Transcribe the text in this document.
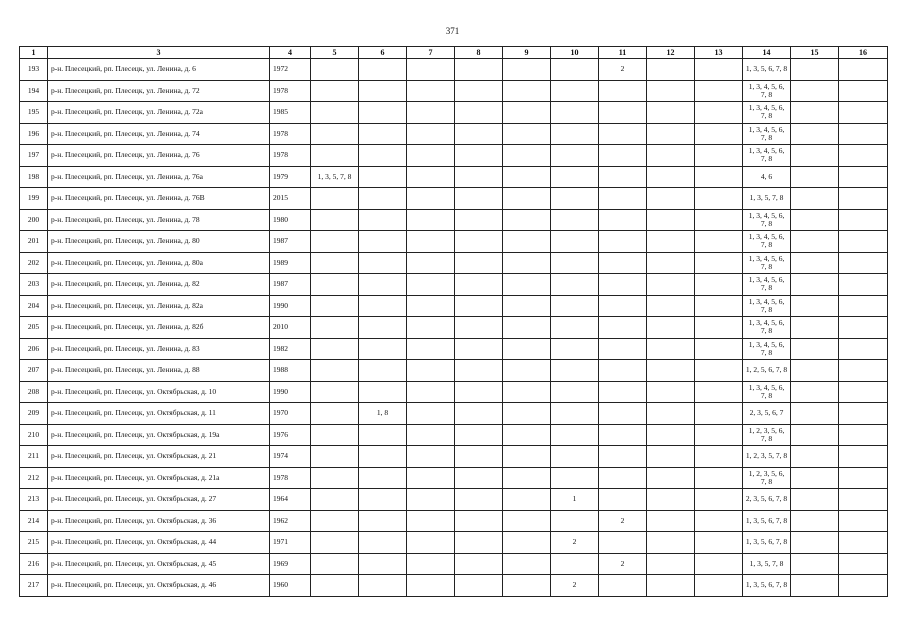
371
1	3	4	5	6	7	8	9	10	11	12	13	14	15	16
193	р-н. Плесецкий, рп. Плесецк, ул. Ленина, д. 6	1972							2			1, 3, 5, 6, 7, 8		
194	р-н. Плесецкий, рп. Плесецк, ул. Ленина, д. 72	1978										1, 3, 4, 5, 6, 7, 8		
195	р-н. Плесецкий, рп. Плесецк, ул. Ленина, д. 72а	1985										1, 3, 4, 5, 6, 7, 8		
196	р-н. Плесецкий, рп. Плесецк, ул. Ленина, д. 74	1978										1, 3, 4, 5, 6, 7, 8		
197	р-н. Плесецкий, рп. Плесецк, ул. Ленина, д. 76	1978										1, 3, 4, 5, 6, 7, 8		
198	р-н. Плесецкий, рп. Плесецк, ул. Ленина, д. 76а	1979	1, 3, 5, 7, 8									4, 6		
199	р-н. Плесецкий, рп. Плесецк, ул. Ленина, д. 76В	2015										1, 3, 5, 7, 8		
200	р-н. Плесецкий, рп. Плесецк, ул. Ленина, д. 78	1980										1, 3, 4, 5, 6, 7, 8		
201	р-н. Плесецкий, рп. Плесецк, ул. Ленина, д. 80	1987										1, 3, 4, 5, 6, 7, 8		
202	р-н. Плесецкий, рп. Плесецк, ул. Ленина, д. 80а	1989										1, 3, 4, 5, 6, 7, 8		
203	р-н. Плесецкий, рп. Плесецк, ул. Ленина, д. 82	1987										1, 3, 4, 5, 6, 7, 8		
204	р-н. Плесецкий, рп. Плесецк, ул. Ленина, д. 82а	1990										1, 3, 4, 5, 6, 7, 8		
205	р-н. Плесецкий, рп. Плесецк, ул. Ленина, д. 82б	2010										1, 3, 4, 5, 6, 7, 8		
206	р-н. Плесецкий, рп. Плесецк, ул. Ленина, д. 83	1982										1, 3, 4, 5, 6, 7, 8		
207	р-н. Плесецкий, рп. Плесецк, ул. Ленина, д. 88	1988										1, 2, 5, 6, 7, 8		
208	р-н. Плесецкий, рп. Плесецк, ул. Октябрьская, д. 10	1990										1, 3, 4, 5, 6, 7, 8		
209	р-н. Плесецкий, рп. Плесецк, ул. Октябрьская, д. 11	1970		1, 8								2, 3, 5, 6, 7		
210	р-н. Плесецкий, рп. Плесецк, ул. Октябрьская, д. 19а	1976										1, 2, 3, 5, 6, 7, 8		
211	р-н. Плесецкий, рп. Плесецк, ул. Октябрьская, д. 21	1974										1, 2, 3, 5, 7, 8		
212	р-н. Плесецкий, рп. Плесецк, ул. Октябрьская, д. 21а	1978										1, 2, 3, 5, 6, 7, 8		
213	р-н. Плесецкий, рп. Плесецк, ул. Октябрьская, д. 27	1964						1				2, 3, 5, 6, 7, 8		
214	р-н. Плесецкий, рп. Плесецк, ул. Октябрьская, д. 36	1962							2			1, 3, 5, 6, 7, 8		
215	р-н. Плесецкий, рп. Плесецк, ул. Октябрьская, д. 44	1971						2				1, 3, 5, 6, 7, 8		
216	р-н. Плесецкий, рп. Плесецк, ул. Октябрьская, д. 45	1969							2			1, 3, 5, 7, 8		
217	р-н. Плесецкий, рп. Плесецк, ул. Октябрьская, д. 46	1960						2				1, 3, 5, 6, 7, 8		
